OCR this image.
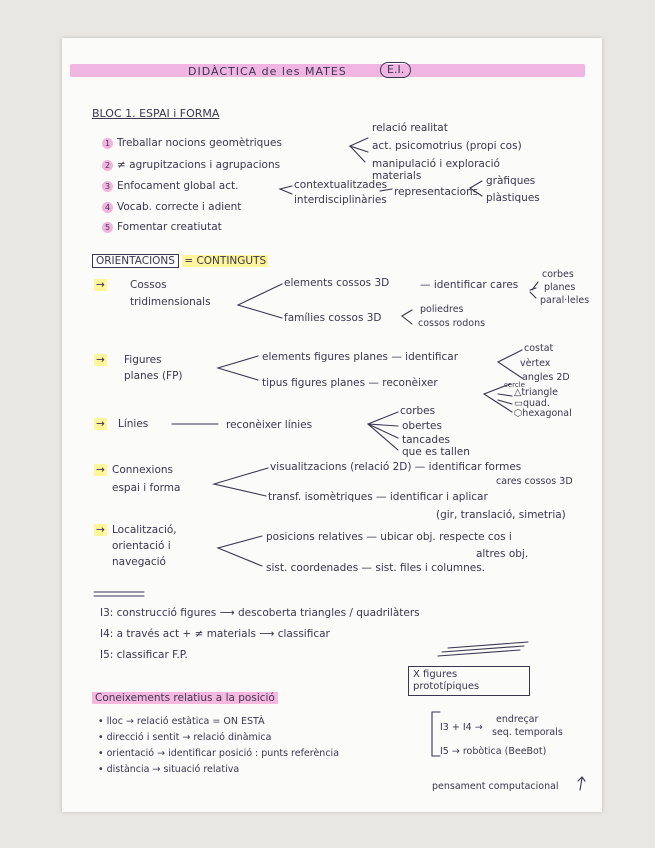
DIDÀCTICA de les MATES	E.I.
BLOC 1. ESPAI i FORMA
1 Treballar nocions geomètriques
2 ≠ agrupitzacions i agrupacions
3 Enfocament global act.
4 Vocab. correcte i adient
5 Fomentar creatiutat
relació realitat
act. psicomotrius (propi cos)
manipulació i exploració materials
contextualitzades
interdisciplinàries
representacions
gràfiques
plàstiques
ORIENTACIONS = CONTINGUTS
→ Cossos
tridimensionals
elements cossos 3D	— identificar cares
corbes
planes
paral·leles
famílies cossos 3D
poliedres
cossos rodons
→ Figures
planes (FP)
elements figures planes — identificar
costat
vèrtex
angles 2D
tipus figures planes — reconèixer	cercle
△triangle
▭quad.
⬡hexagonal
→ Línies	reconèixer línies
corbes
obertes
tancades
que es tallen
→ Connexions
espai i forma
visualitzacions (relació 2D) — identificar formes
cares cossos 3D
transf. isomètriques — identificar i aplicar
(gir, translació, simetria)
→ Localització,
orientació i
navegació
posicions relatives — ubicar obj. respecte cos i
altres obj.
sist. coordenades — sist. files i columnes.
I3: construcció figures ⟶ descoberta triangles / quadrilàters
I4: a través act + ≠ materials ⟶ classificar
I5: classificar F.P.
X figures prototípiques
Coneixements relatius a la posició
• lloc → relació estàtica = ON ESTÀ
• direcció i sentit → relació dinàmica
• orientació → identificar posició : punts referència
• distància → situació relativa
I3 + I4 →
endreçar
seq. temporals
I5 → robòtica (BeeBot)
pensament computacional
